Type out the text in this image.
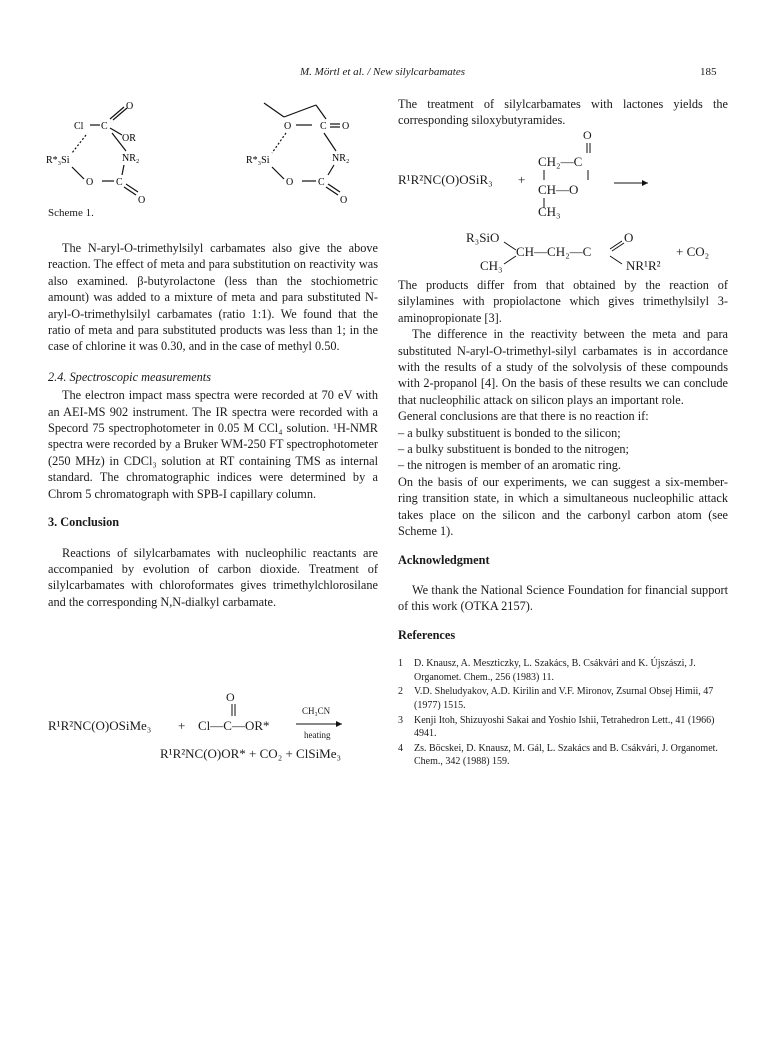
M. Mörtl et al. / New silylcarbamates	185
Cl C
O
OR
R*₃Si	NR₂
O C
O
O	C O
R*₃Si	NR₂
O C
O
Scheme 1.

The N-aryl-O-trimethylsilyl carbamates also give the above reaction. The effect of meta and para substitution on reactivity was also examined. β-butyrolactone (less than the stochiometric amount) was added to a mixture of meta and para substituted N-aryl-O-trimethylsilyl carbamates (ratio 1:1). We found that the ratio of meta and para substituted products was less than 1; in the case of chlorine it was 0.30, and in the case of methyl 0.50.

2.4. Spectroscopic measurements

The electron impact mass spectra were recorded at 70 eV with an AEI-MS 902 instrument. The IR spectra were recorded with a Specord 75 spectrophotometer in 0.05 M CCl₄ solution. ¹H-NMR spectra were recorded by a Bruker WM-250 FT spectrophotometer (250 MHz) in CDCl₃ solution at RT containing TMS as internal standard. The chromatographic indices were determined by a Chrom 5 chromatograph with SPB-I capillary column.

3. Conclusion

Reactions of silylcarbamates with nucleophilic reactants are accompanied by evolution of carbon dioxide. Treatment of silylcarbamates with chloroformates gives trimethylchlorosilane and the corresponding N,N-dialkyl carbamate.

O
R¹R²NC(O)OSiMe₃ + Cl—C—OR*
CH₃CN
heating
R¹R²NC(O)OR* + CO₂ + ClSiMe₃

The treatment of silylcarbamates with lactones yields the corresponding siloxybutyramides.

O
CH₂—C
R¹R²NC(O)OSiR₃ +
CH—O
CH₃
R₃SiO	O
CH—CH₂—C	+ CO₂
CH₃	NR¹R²

The products differ from that obtained by the reaction of silylamines with propiolactone which gives trimethylsilyl 3-aminopropionate [3].

The difference in the reactivity between the meta and para substituted N-aryl-O-trimethyl-silyl carbamates is in accordance with the results of a study of the solvolysis of these compounds with 2-propanol [4]. On the basis of these results we can conclude that nucleophilic attack on silicon plays an important role.

General conclusions are that there is no reaction if:

– a bulky substituent is bonded to the silicon;

– a bulky substituent is bonded to the nitrogen;

– the nitrogen is member of an aromatic ring.

On the basis of our experiments, we can suggest a six-member-ring transition state, in which a simultaneous nucleophilic attack takes place on the silicon and the carbonyl carbon atom (see Scheme 1).

Acknowledgment

We thank the National Science Foundation for financial support of this work (OTKA 2157).

References

1 D. Knausz, A. Meszticzky, L. Szakács, B. Csákvári and K. Újszászi, J. Organomet. Chem., 256 (1983) 11.
2 V.D. Sheludyakov, A.D. Kirilin and V.F. Mironov, Zsurnal Obsej Himii, 47 (1977) 1515.
3 Kenji Itoh, Shizuyoshi Sakai and Yoshio Ishii, Tetrahedron Lett., 41 (1966) 4941.
4 Zs. Böcskei, D. Knausz, M. Gál, L. Szakács and B. Csákvári, J. Organomet. Chem., 342 (1988) 159.
